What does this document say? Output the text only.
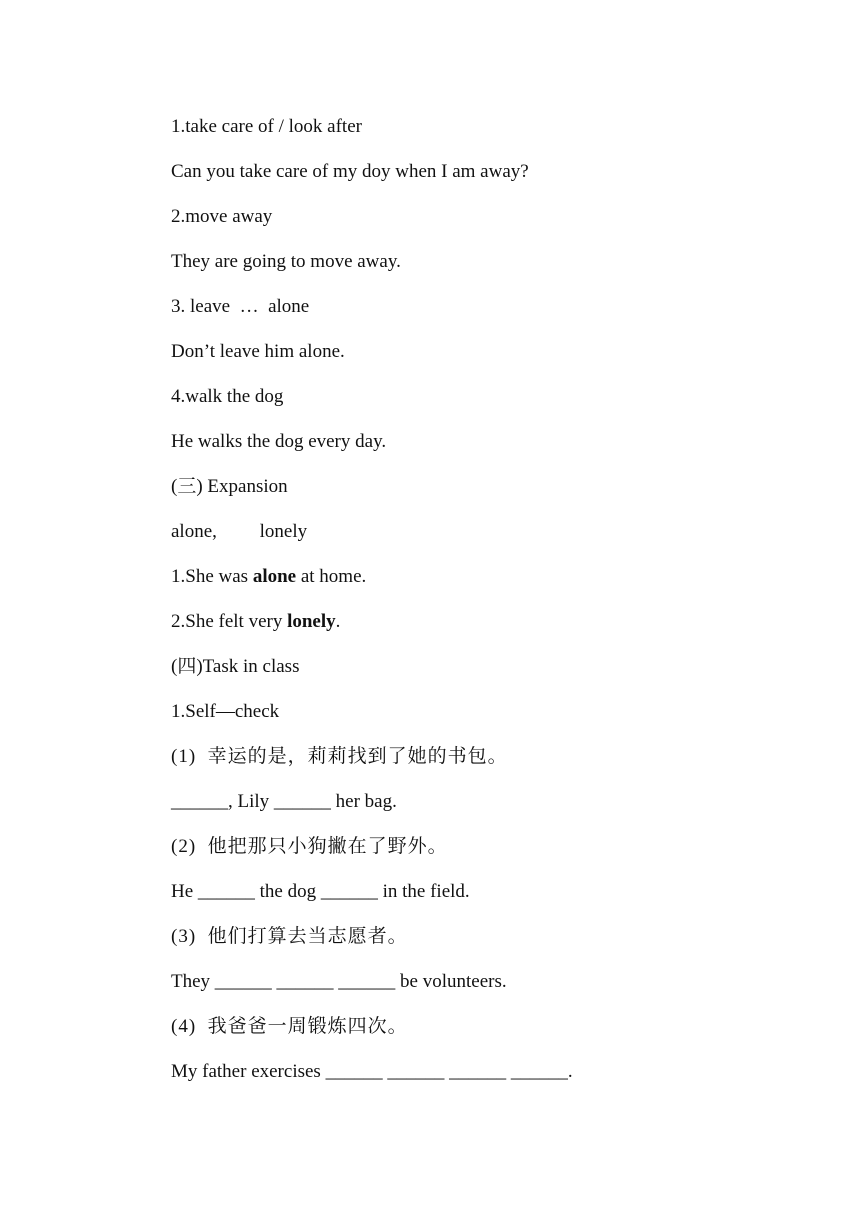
1.take care of / look after
Can you take care of my doy when I am away?
2.move away
They are going to move away.
3. leave  …  alone
Don’t leave him alone.
4.walk the dog
He walks the dog every day.
(三) Expansion
alone,         lonely
1.She was alone at home.
2.She felt very lonely.
(四)Task in class
1.Self—check
(1)  幸运的是，莉莉找到了她的书包。
______, Lily ______ her bag.
(2)  他把那只小狗撇在了野外。
He ______ the dog ______ in the field.
(3)  他们打算去当志愿者。
They ______ ______ ______ be volunteers.
(4)  我爸爸一周锻炼四次。
My father exercises ______ ______ ______ ______.
